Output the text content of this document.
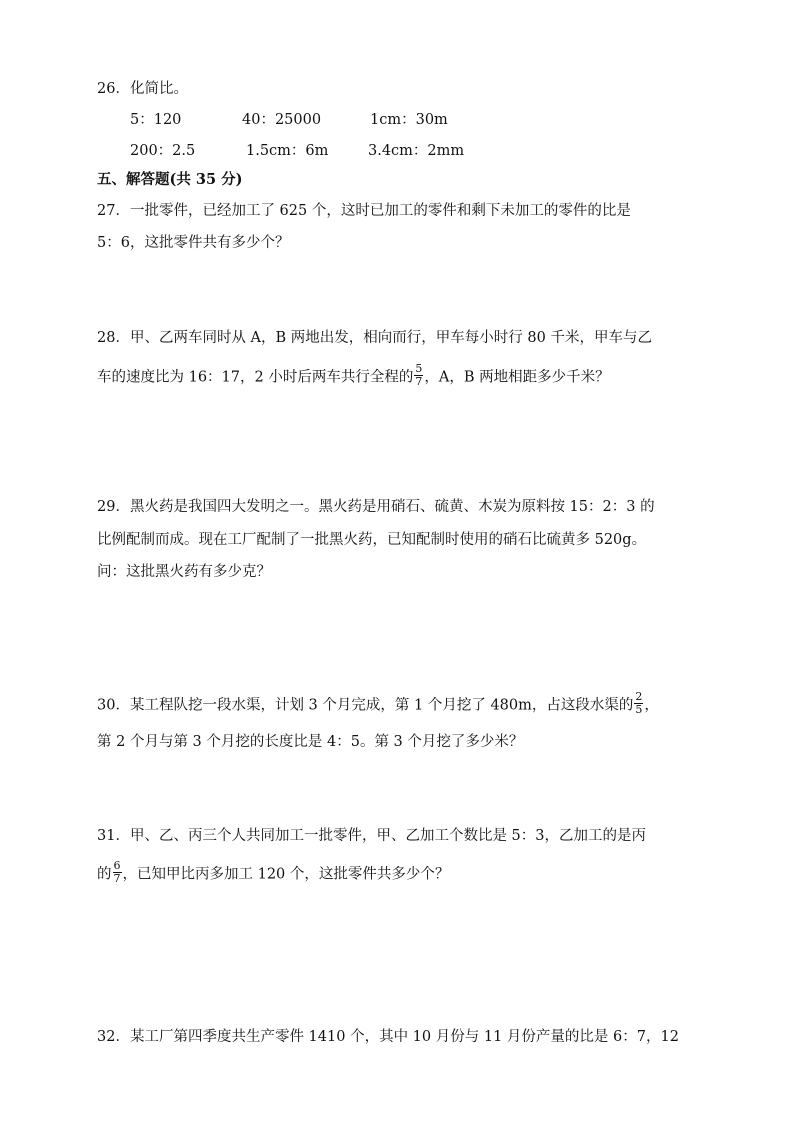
26．化简比。
5：120	40：25000	1cm：30m
200：2.5	1.5cm：6m	3.4cm：2mm
五、解答题(共 35 分)
27．一批零件，已经加工了 625 个，这时已加工的零件和剩下未加工的零件的比是
5：6，这批零件共有多少个？
28．甲、乙两车同时从 A，B 两地出发，相向而行，甲车每小时行 80 千米，甲车与乙
车的速度比为 16：17，2 小时后两车共行全程的 $\frac{5}{7}$ ，A，B 两地相距多少千米？
29．黑火药是我国四大发明之一。黑火药是用硝石、硫黄、木炭为原料按 15：2：3 的
比例配制而成。现在工厂配制了一批黑火药，已知配制时使用的硝石比硫黄多 520g。
问：这批黑火药有多少克？
30．某工程队挖一段水渠，计划 3 个月完成，第 1 个月挖了 480m，占这段水渠的 $\frac{2}{5}$ ，
第 2 个月与第 3 个月挖的长度比是 4：5。第 3 个月挖了多少米？
31．甲、乙、丙三个人共同加工一批零件，甲、乙加工个数比是 5：3，乙加工的是丙
的 $\frac{6}{7}$ ，已知甲比丙多加工 120 个，这批零件共多少个？
32．某工厂第四季度共生产零件 1410 个，其中 10 月份与 11 月份产量的比是 6：7，12
